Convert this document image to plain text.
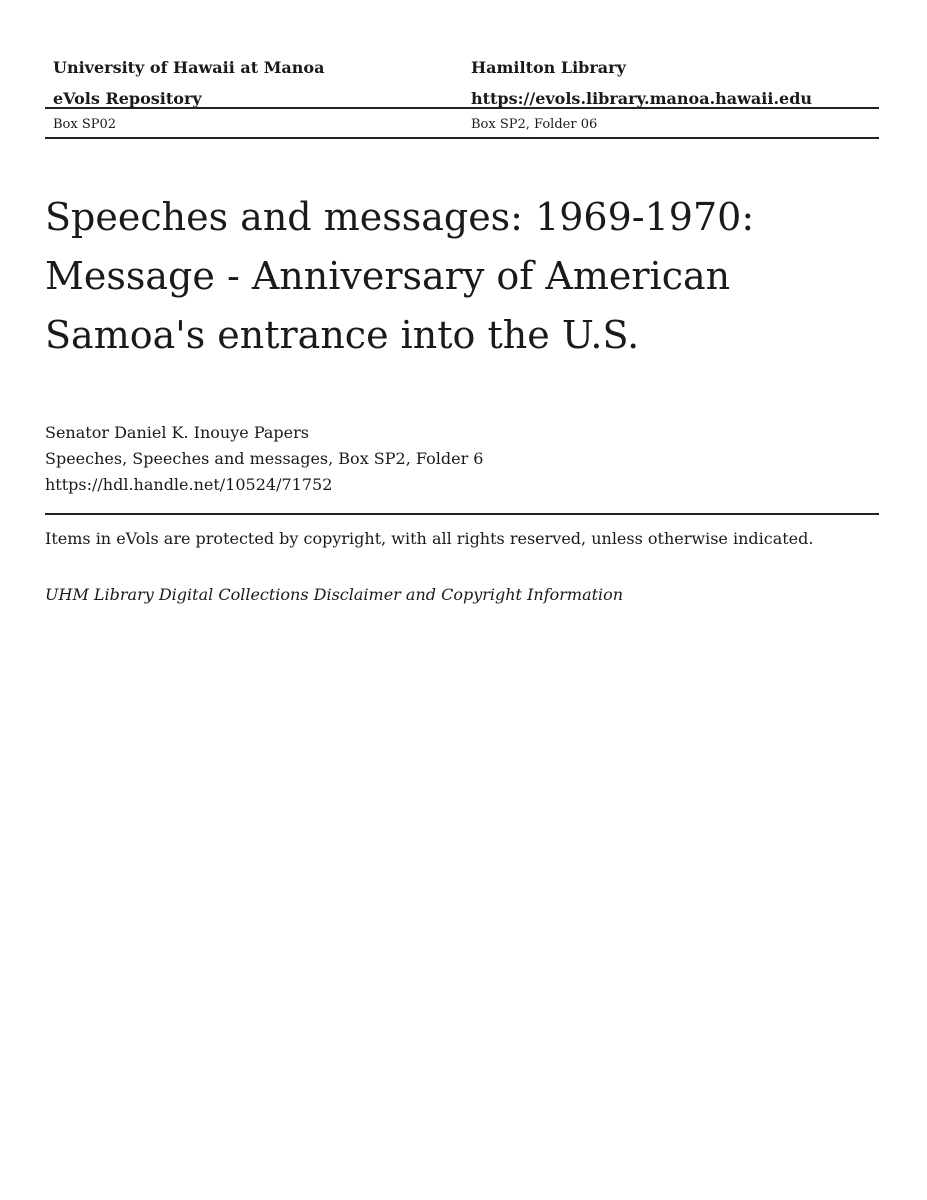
University of Hawaii at Manoa
eVols Repository
Hamilton Library
https://evols.library.manoa.hawaii.edu
Box SP02	Box SP2, Folder 06
Speeches and messages: 1969-1970:
Message - Anniversary of American
Samoa's entrance into the U.S.
Senator Daniel K. Inouye Papers
Speeches, Speeches and messages, Box SP2, Folder 6
https://hdl.handle.net/10524/71752
Items in eVols are protected by copyright, with all rights reserved, unless otherwise indicated.
UHM Library Digital Collections Disclaimer and Copyright Information
